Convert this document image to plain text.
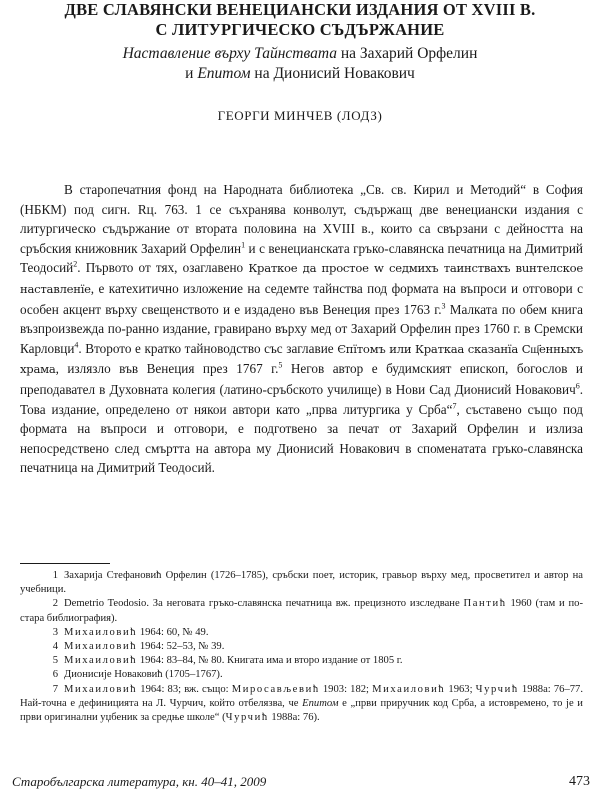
ДВЕ СЛАВЯНСКИ ВЕНЕЦИАНСКИ ИЗДАНИЯ ОТ XVIII В.
С ЛИТУРГИЧЕСКО СЪДЪРЖАНИЕ
Наставление върху Тайнствата на Захарий Орфелин
и Епитом на Дионисий Новакович
ГЕОРГИ МИНЧЕВ (ЛОДЗ)

В старопечатния фонд на Народната библиотека „Св. св. Кирил и Методий“ в София (НБКМ) под сигн. Rц. 763. 1 се съхранява конволут, съдържащ две венециански издания с литургическо съдържание от втората половина на XVIII в., които са свързани с дейността на сръбския книжовник Захарий Орфелин$^1$ и с венецианската гръко-славянска печатница на Димитрий Теодосий$^2$. Първото от тях, озаглавено Краткое да простое w седмихъ таинствахъ вuнтелское наставленїе, е катехитично изложение на седемте тайнства под формата на въпроси и отговори с особен акцент върху свещенството и е издадено във Венеция през 1763 г.$^3$ Малката по обем книга възпроизвежда по-ранно издание, гравирано върху мед от Захарий Орфелин през 1760 г. в Сремски Карловци$^4$. Второто е кратко тайноводство със заглавие Єпїтомъ или Краткаа сказанїа Сщ҃енныхъ храма, излязло във Венеция през 1767 г.$^5$ Негов автор е будимският епископ, богослов и преподавател в Духовната колегия (латино-сръбското училище) в Нови Сад Дионисий Новакович$^6$. Това издание, определено от някои автори като „прва литургика у Срба“$^7$, съставено също под формата на въпроси и отговори, е подготвено за печат от Захарий Орфелин и излиза непосредствено след смъртта на автора му Дионисий Новакович в споменатата гръко-славянска печатница на Димитрий Теодосий.

1 Захарија Стефановић Орфелин (1726–1785), сръбски поет, историк, гравьор върху мед, просветител и автор на учебници.

2 Demetrio Teodosio. За неговата гръко-славянска печатница вж. прецизното изследване Пантић 1960 (там и по-стара библиография).

3 Михаиловић 1964: 60, № 49.

4 Михаиловић 1964: 52–53, № 39.

5 Михаиловић 1964: 83–84, № 80. Книгата има и второ издание от 1805 г.

6 Дионисије Новаковић (1705–1767).

7 Михаиловић 1964: 83; вж. също: Миросављевић 1903: 182; Михаиловић 1963; Чурчић 1988а: 76–77. Най-точна е дефиницията на Л. Чурчич, който отбелязва, че Епитом е „први приручник код Срба, а истовремено, то је и први оригинални уџбеник за средње школе“ (Чурчић 1988а: 76).

Старобългарска литература, кн. 40–41, 2009	473
